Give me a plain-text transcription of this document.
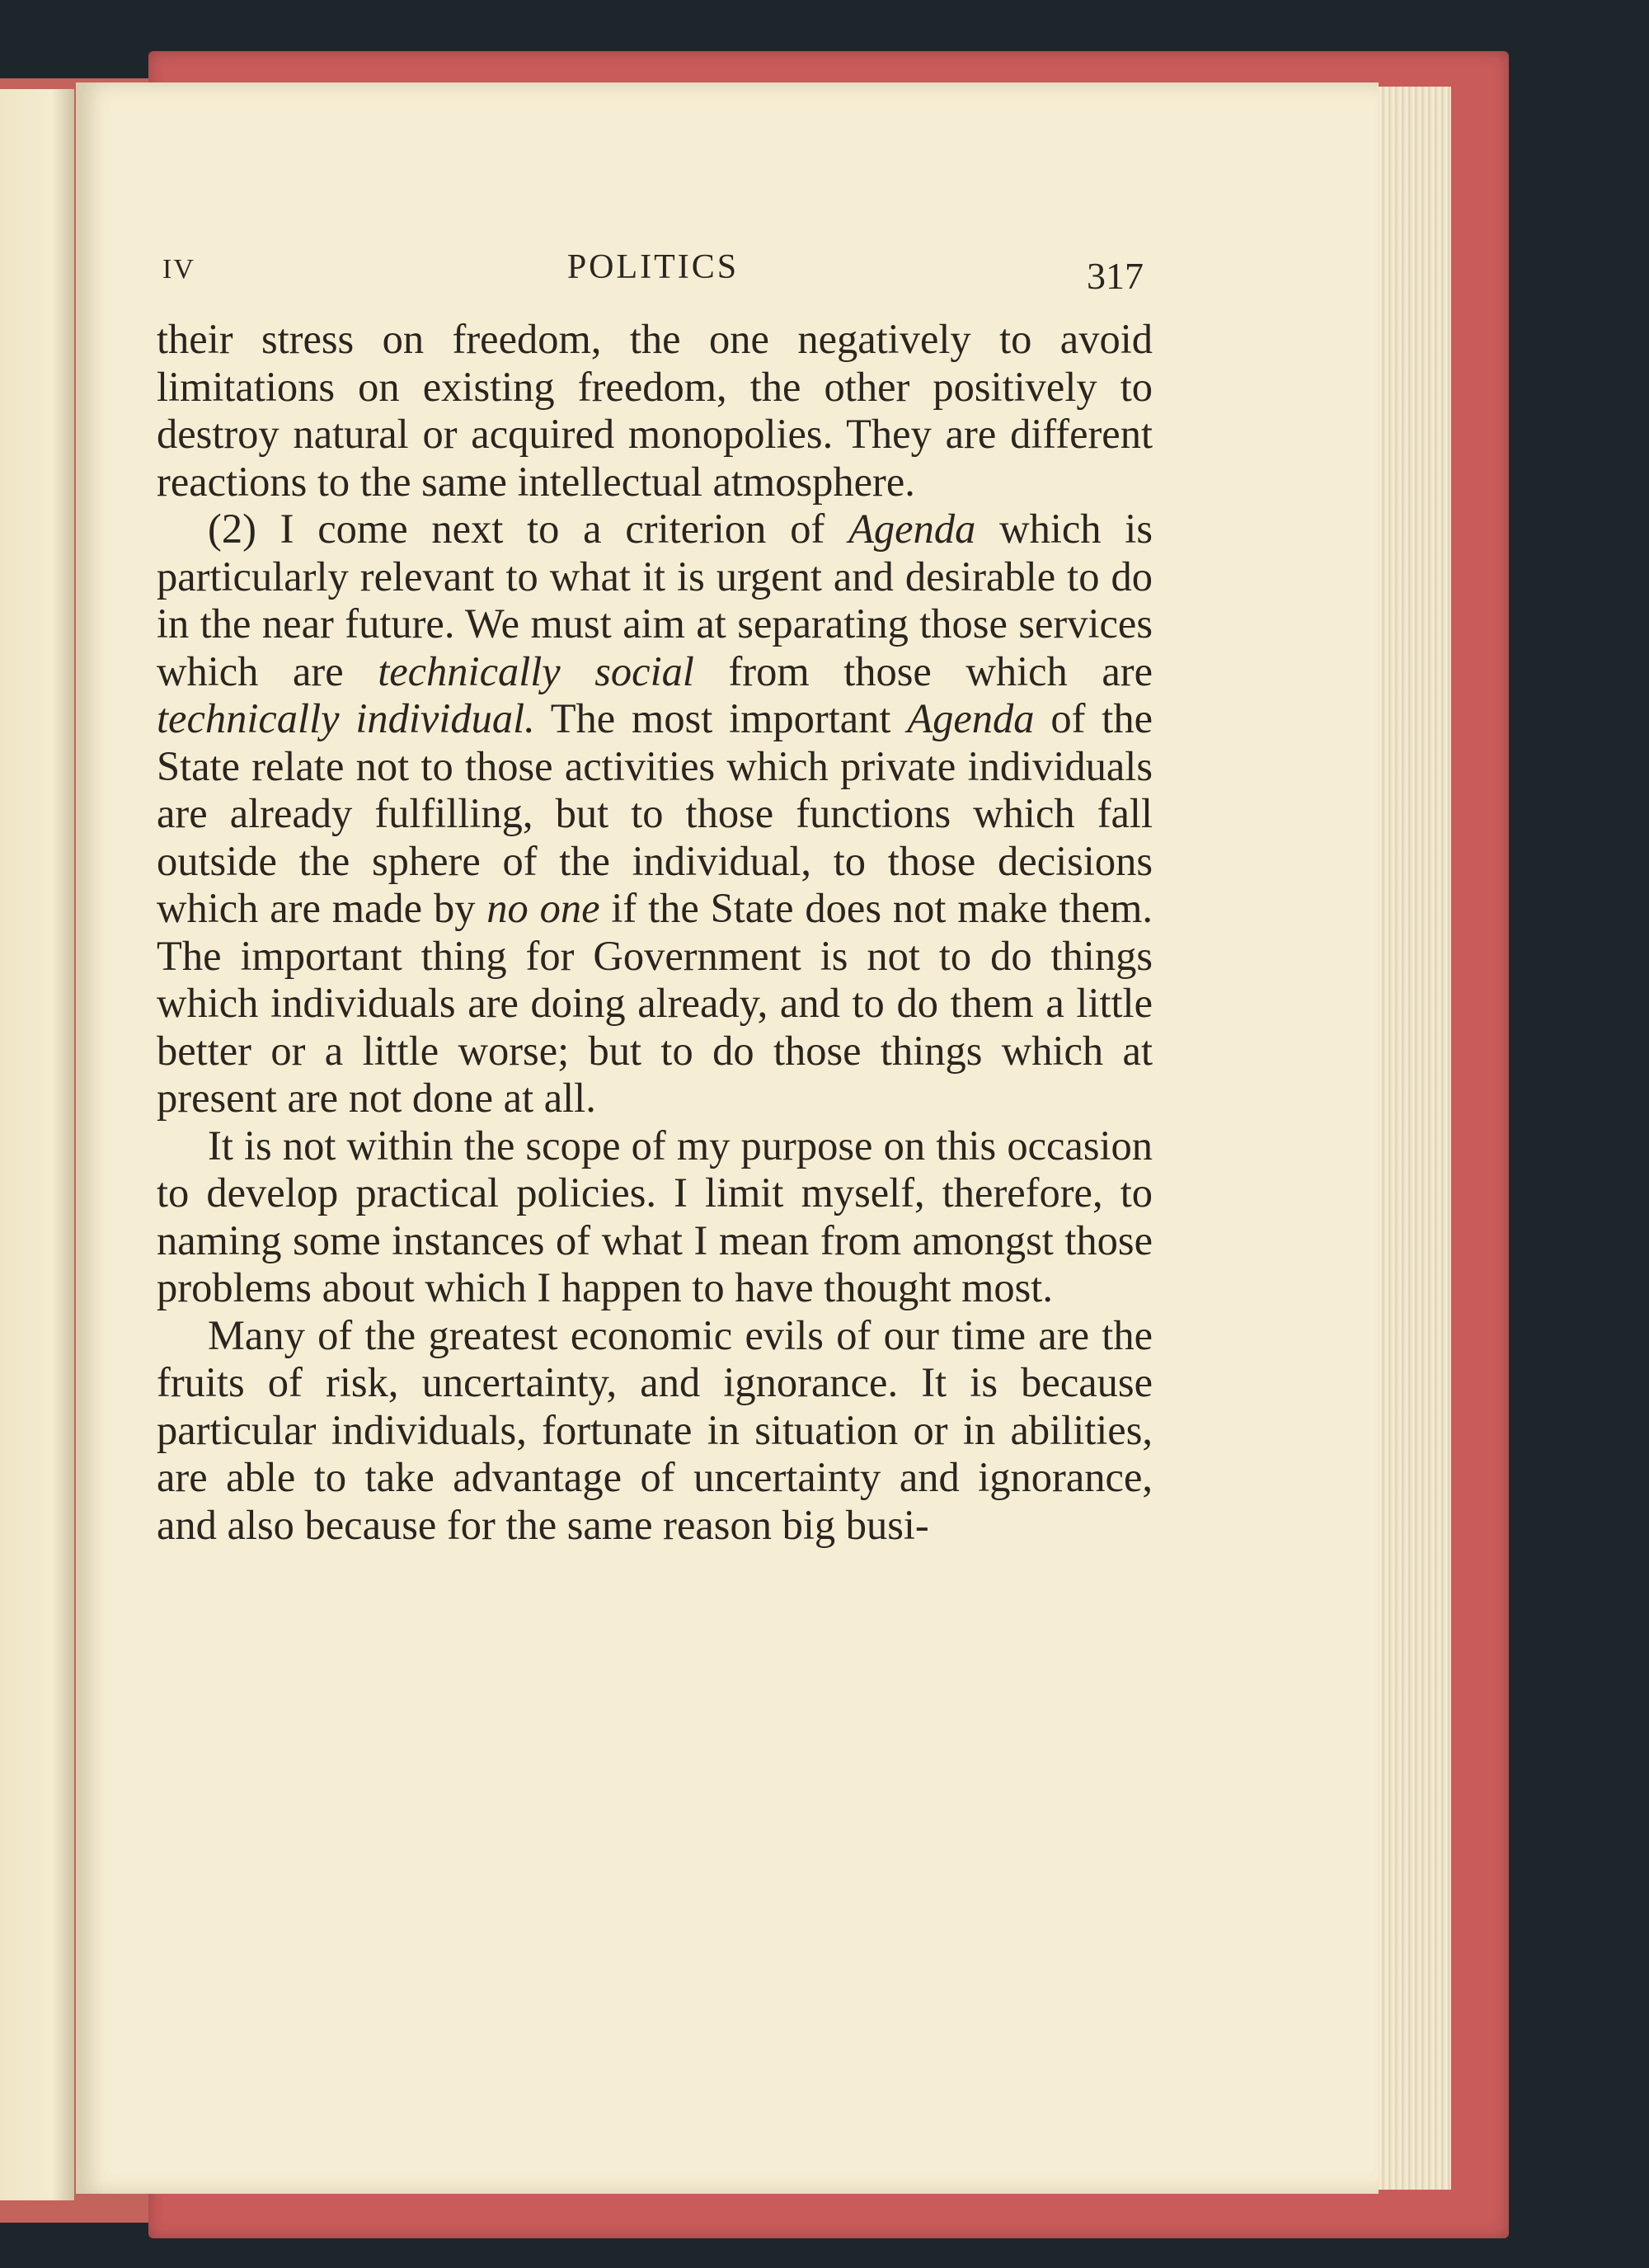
IV	POLITICS	317

their stress on freedom, the one negatively to avoid limitations on existing freedom, the other positively to destroy natural or acquired monopolies. They are different reactions to the same intellectual atmosphere.

(2) I come next to a criterion of Agenda which is particularly relevant to what it is urgent and desirable to do in the near future. We must aim at separating those services which are technically social from those which are technically individual. The most important Agenda of the State relate not to those activities which private individuals are already fulfilling, but to those functions which fall outside the sphere of the individual, to those decisions which are made by no one if the State does not make them. The important thing for Government is not to do things which individuals are doing already, and to do them a little better or a little worse; but to do those things which at present are not done at all.

It is not within the scope of my purpose on this occasion to develop practical policies. I limit myself, therefore, to naming some instances of what I mean from amongst those problems about which I happen to have thought most.

Many of the greatest economic evils of our time are the fruits of risk, uncertainty, and ignorance. It is because particular individuals, fortunate in situation or in abilities, are able to take advantage of uncertainty and ignorance, and also because for the same reason big busi-
